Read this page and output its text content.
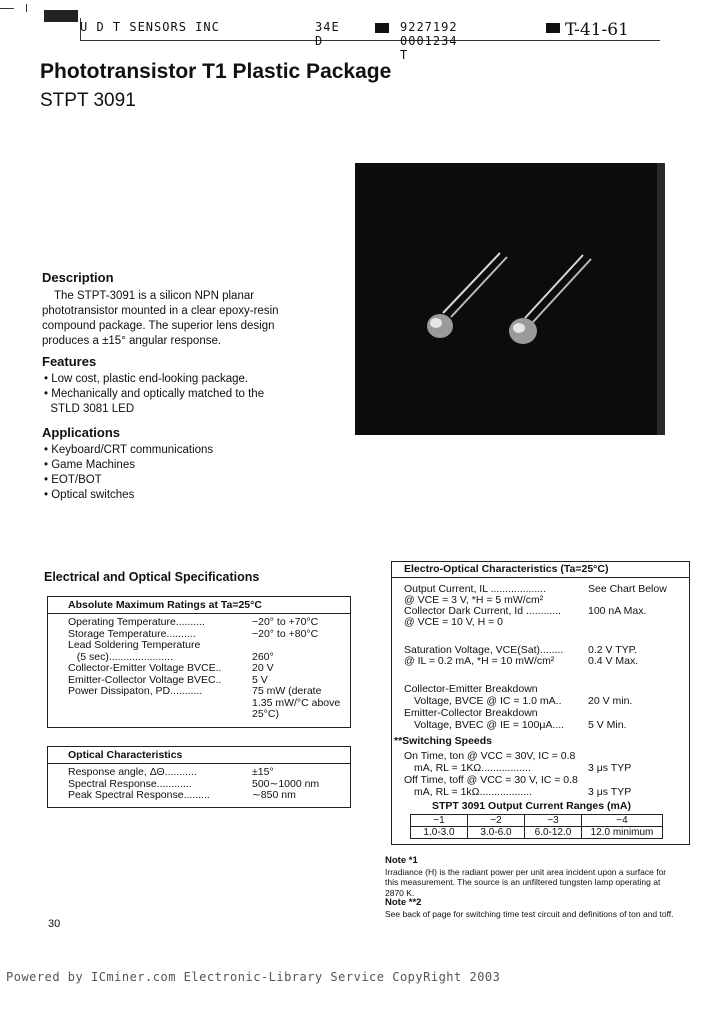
U D T SENSORS INC	34E D
9227192 0001234 T
T-41-61
Phototransistor T1 Plastic Package
STPT 3091
Description
The STPT-3091 is a silicon NPN planar
phototransistor mounted in a clear epoxy-resin
compound package. The superior lens design
produces a ±15° angular response.
Features
• Low cost, plastic end-looking package.
• Mechanically and optically matched to the
STLD 3081 LED
Applications
• Keyboard/CRT communications
• Game Machines
• EOT/BOT
• Optical switches
Electrical and Optical Specifications
Absolute Maximum Ratings at Ta=25°C
Operating Temperature..........	−20° to +70°C
Storage Temperature..........	−20° to +80°C
Lead Soldering Temperature
(5 sec)......................	260°
Collector-Emitter Voltage BVCE..	20 V
Emitter-Collector Voltage BVEC..	5 V
Power Dissipaton, PD...........	75 mW (derate
1.35 mW/°C above
25°C)
Optical Characteristics
Response angle, ΔΘ...........	±15°
Spectral Response............	500∼1000 nm
Peak Spectral Response.........	∼850 nm
Electro-Optical Characteristics (Ta=25°C)
Output Current, IL ...................	See Chart Below
@ VCE = 3 V, *H = 5 mW/cm²
Collector Dark Current, Id ............	100 nA Max.
@ VCE = 10 V, H = 0
Saturation Voltage, VCE(Sat)........ 0.2 V TYP.
@ IL = 0.2 mA, *H = 10 mW/cm²	0.4 V Max.
Collector-Emitter Breakdown
Voltage, BVCE @ IC = 1.0 mA..	20 V min.
Emitter-Collector Breakdown
Voltage, BVEC @ IE = 100μA.... 5 V Min.
**Switching Speeds
On Time, ton @ VCC = 30V, IC = 0.8
mA, RL = 1KΩ.................	3 μs TYP
Off Time, toff @ VCC = 30 V, IC = 0.8
mA, RL = 1kΩ..................	3 μs TYP
STPT 3091 Output Current Ranges (mA)
−1	−2	−3	−4
1.0-3.0	3.0-6.0	6.0-12.0	12.0 minimum
Note *1
Irradiance (H) is the radiant power per unit area incident upon a surface for this measurement. The source is an unfiltered tungsten lamp operating at 2870 K.
Note **2
See back of page for switching time test circuit and definitions of ton and toff.
30
Powered by ICminer.com Electronic-Library Service CopyRight 2003
